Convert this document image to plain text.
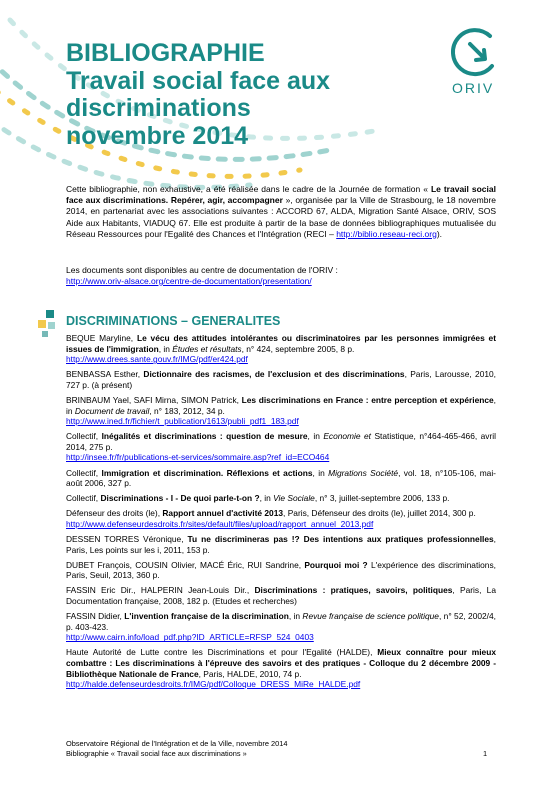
BIBLIOGRAPHIE
Travail social face aux
discriminations
novembre 2014
ORIV

Cette bibliographie, non exhaustive, a été réalisée dans le cadre de la Journée de formation « Le travail social face aux discriminations. Repérer, agir, accompagner », organisée par la Ville de Strasbourg, le 18 novembre 2014, en partenariat avec les associations suivantes : ACCORD 67, ALDA, Migration Santé Alsace, ORIV, SOS Aide aux Habitants, VIADUQ 67. Elle est produite à partir de la base de données bibliographiques mutualisée du Réseau Ressources pour l'Egalité des Chances et l'Intégration (RECI – http://biblio.reseau-reci.org).

Les documents sont disponibles au centre de documentation de l'ORIV :

http://www.oriv-alsace.org/centre-de-documentation/presentation/

DISCRIMINATIONS – GENERALITES

BEQUE Maryline, Le vécu des attitudes intolérantes ou discriminatoires par les personnes immigrées et issues de l'immigration, in Études et résultats, n° 424, septembre 2005, 8 p.
http://www.drees.sante.gouv.fr/IMG/pdf/er424.pdf

BENBASSA Esther, Dictionnaire des racismes, de l'exclusion et des discriminations, Paris, Larousse, 2010, 727 p. (à présent)

BRINBAUM Yael, SAFI Mirna, SIMON Patrick, Les discriminations en France : entre perception et expérience, in Document de travail, n° 183, 2012, 34 p.
http://www.ined.fr/fichier/t_publication/1613/publi_pdf1_183.pdf

Collectif, Inégalités et discriminations : question de mesure, in Economie et Statistique, n°464-465-466, avril 2014, 275 p.
http://insee.fr/fr/publications-et-services/sommaire.asp?ref_id=ECO464

Collectif, Immigration et discrimination. Réflexions et actions, in Migrations Société, vol. 18, n°105-106, mai-août 2006, 327 p.

Collectif, Discriminations - I - De quoi parle-t-on ?, in Vie Sociale, n° 3, juillet-septembre 2006, 133 p.

Défenseur des droits (le), Rapport annuel d'activité 2013, Paris, Défenseur des droits (le), juillet 2014, 300 p.
http://www.defenseurdesdroits.fr/sites/default/files/upload/rapport_annuel_2013.pdf

DESSEN TORRES Véronique, Tu ne discrimineras pas !? Des intentions aux pratiques professionnelles, Paris, Les points sur les i, 2011, 153 p.

DUBET François, COUSIN Olivier, MACÉ Éric, RUI Sandrine, Pourquoi moi ? L'expérience des discriminations, Paris, Seuil, 2013, 360 p.

FASSIN Eric Dir., HALPERIN Jean-Louis Dir., Discriminations : pratiques, savoirs, politiques, Paris, La Documentation française, 2008, 182 p. (Etudes et recherches)

FASSIN Didier, L'invention française de la discrimination, in Revue française de science politique, n° 52, 2002/4, p. 403-423.
http://www.cairn.info/load_pdf.php?ID_ARTICLE=RFSP_524_0403

Haute Autorité de Lutte contre les Discriminations et pour l'Egalité (HALDE), Mieux connaître pour mieux combattre : Les discriminations à l'épreuve des savoirs et des pratiques - Colloque du 2 décembre 2009 -Bibliothèque Nationale de France, Paris, HALDE, 2010, 74 p.
http://halde.defenseurdesdroits.fr/IMG/pdf/Colloque_DRESS_MiRe_HALDE.pdf

Observatoire Régional de l'Intégration et de la Ville, novembre 2014
Bibliographie « Travail social face aux discriminations »	1
